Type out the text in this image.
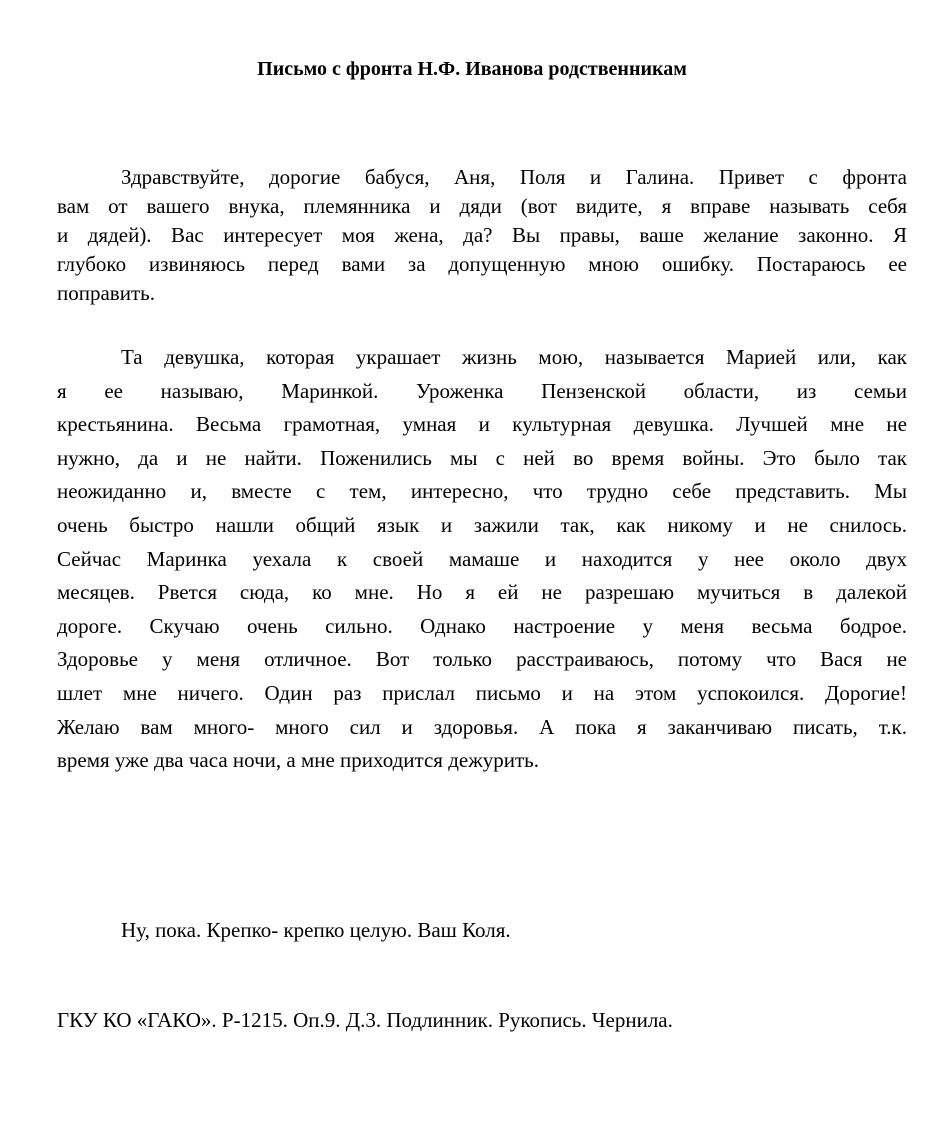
Письмо с фронта Н.Ф. Иванова родственникам
Здравствуйте, дорогие бабуся, Аня, Поля и Галина. Привет с фронта
вам от вашего внука, племянника и дяди (вот видите, я вправе называть себя
и дядей). Вас интересует моя жена, да? Вы правы, ваше желание законно. Я
глубоко извиняюсь перед вами за допущенную мною ошибку. Постараюсь ее
поправить.
Та девушка, которая украшает жизнь мою, называется Марией или, как
я ее называю, Маринкой. Уроженка Пензенской области, из семьи
крестьянина. Весьма грамотная, умная и культурная девушка. Лучшей мне не
нужно, да и не найти. Поженились мы с ней во время войны. Это было так
неожиданно и, вместе с тем, интересно, что трудно себе представить. Мы
очень быстро нашли общий язык и зажили так, как никому и не снилось.
Сейчас Маринка уехала к своей мамаше и находится у нее около двух
месяцев. Рвется сюда, ко мне. Но я ей не разрешаю мучиться в далекой
дороге. Скучаю очень сильно. Однако настроение у меня весьма бодрое.
Здоровье у меня отличное. Вот только расстраиваюсь, потому что Вася не
шлет мне ничего. Один раз прислал письмо и на этом успокоился. Дорогие!
Желаю вам много- много сил и здоровья. А пока я заканчиваю писать, т.к.
время уже два часа ночи, а мне приходится дежурить.
Ну, пока. Крепко- крепко целую. Ваш Коля.
ГКУ КО «ГАКО». Р-1215. Оп.9. Д.3. Подлинник. Рукопись. Чернила.
